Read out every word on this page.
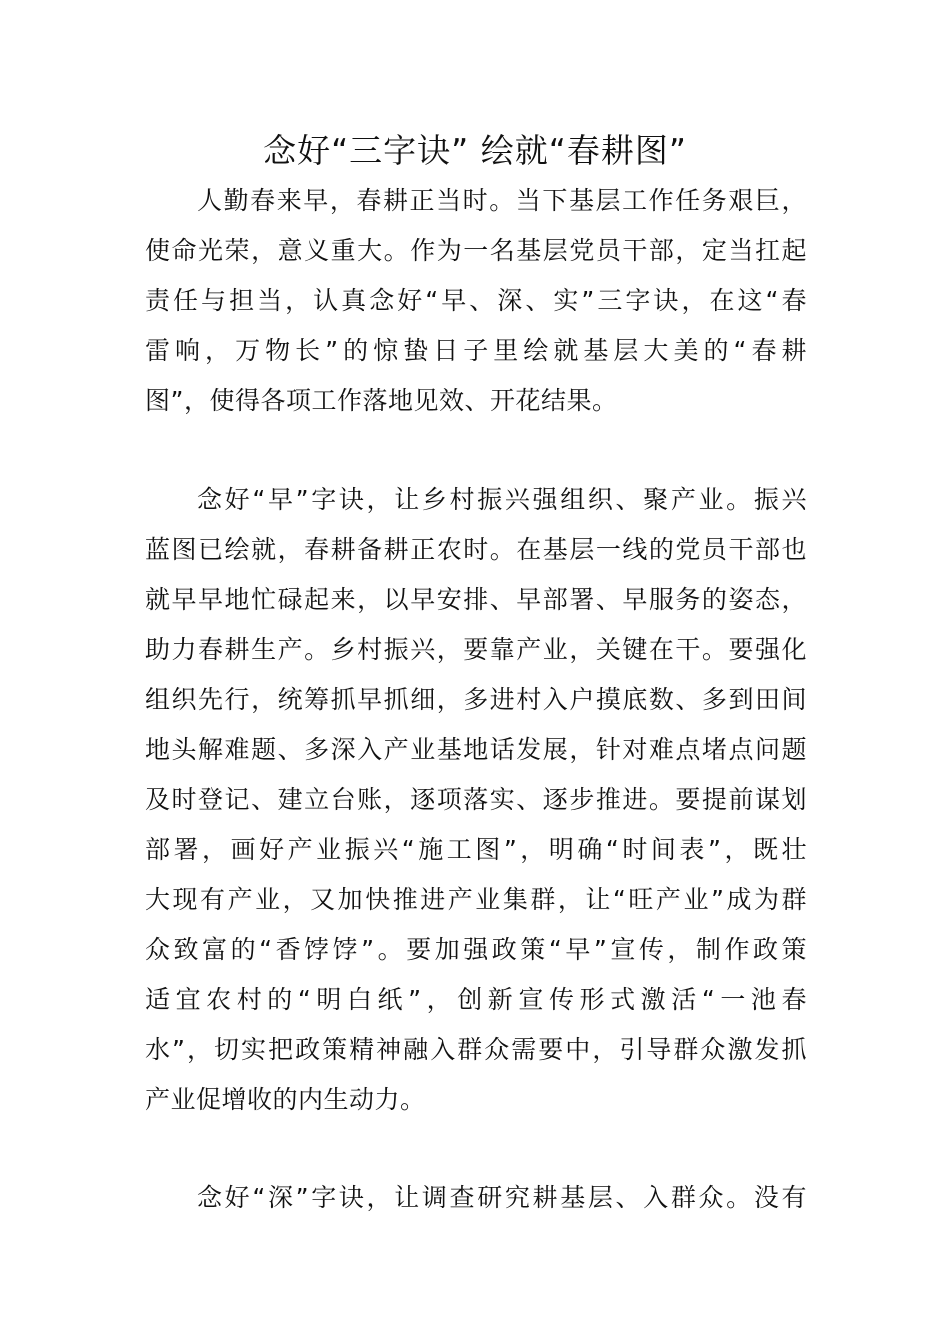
念好“三字诀” 绘就“春耕图”
人勤春来早，春耕正当时。当下基层工作任务艰巨，
使命光荣，意义重大。作为一名基层党员干部，定当扛起
责任与担当，认真念好“早、深、实”三字诀，在这“春
雷响，万物长”的惊蛰日子里绘就基层大美的“春耕
图”，使得各项工作落地见效、开花结果。
念好“早”字诀，让乡村振兴强组织、聚产业。振兴
蓝图已绘就，春耕备耕正农时。在基层一线的党员干部也
就早早地忙碌起来，以早安排、早部署、早服务的姿态，
助力春耕生产。乡村振兴，要靠产业，关键在干。要强化
组织先行，统筹抓早抓细，多进村入户摸底数、多到田间
地头解难题、多深入产业基地话发展，针对难点堵点问题
及时登记、建立台账，逐项落实、逐步推进。要提前谋划
部署，画好产业振兴“施工图”，明确“时间表”，既壮
大现有产业，又加快推进产业集群，让“旺产业”成为群
众致富的“香饽饽”。要加强政策“早”宣传，制作政策
适宜农村的“明白纸”，创新宣传形式激活“一池春
水”，切实把政策精神融入群众需要中，引导群众激发抓
产业促增收的内生动力。
念好“深”字诀，让调查研究耕基层、入群众。没有
